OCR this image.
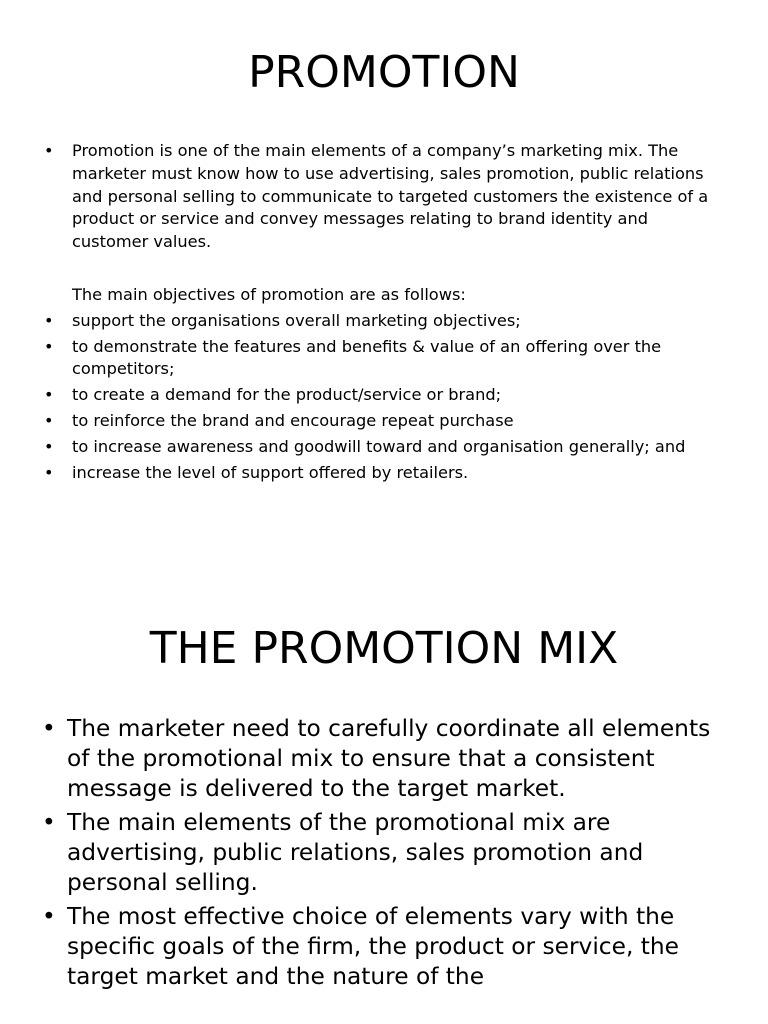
PROMOTION
• Promotion is one of the main elements of a company’s marketing mix. The marketer must know how to use advertising, sales promotion, public relations and personal selling to communicate to targeted customers the existence of a product or service and convey messages relating to brand identity and customer values.
The main objectives of promotion are as follows:
• support the organisations overall marketing objectives;
• to demonstrate the features and benefits & value of an offering over the competitors;
• to create a demand for the product/service or brand;
• to reinforce the brand and encourage repeat purchase
• to increase awareness and goodwill toward and organisation generally; and
• increase the level of support offered by retailers.
THE PROMOTION MIX
• The marketer need to carefully coordinate all elements of the promotional mix to ensure that a consistent message is delivered to the target market.
• The main elements of the promotional mix are advertising, public relations, sales promotion and personal selling.
• The most effective choice of elements vary with the specific goals of the firm, the product or service, the target market and the nature of the
